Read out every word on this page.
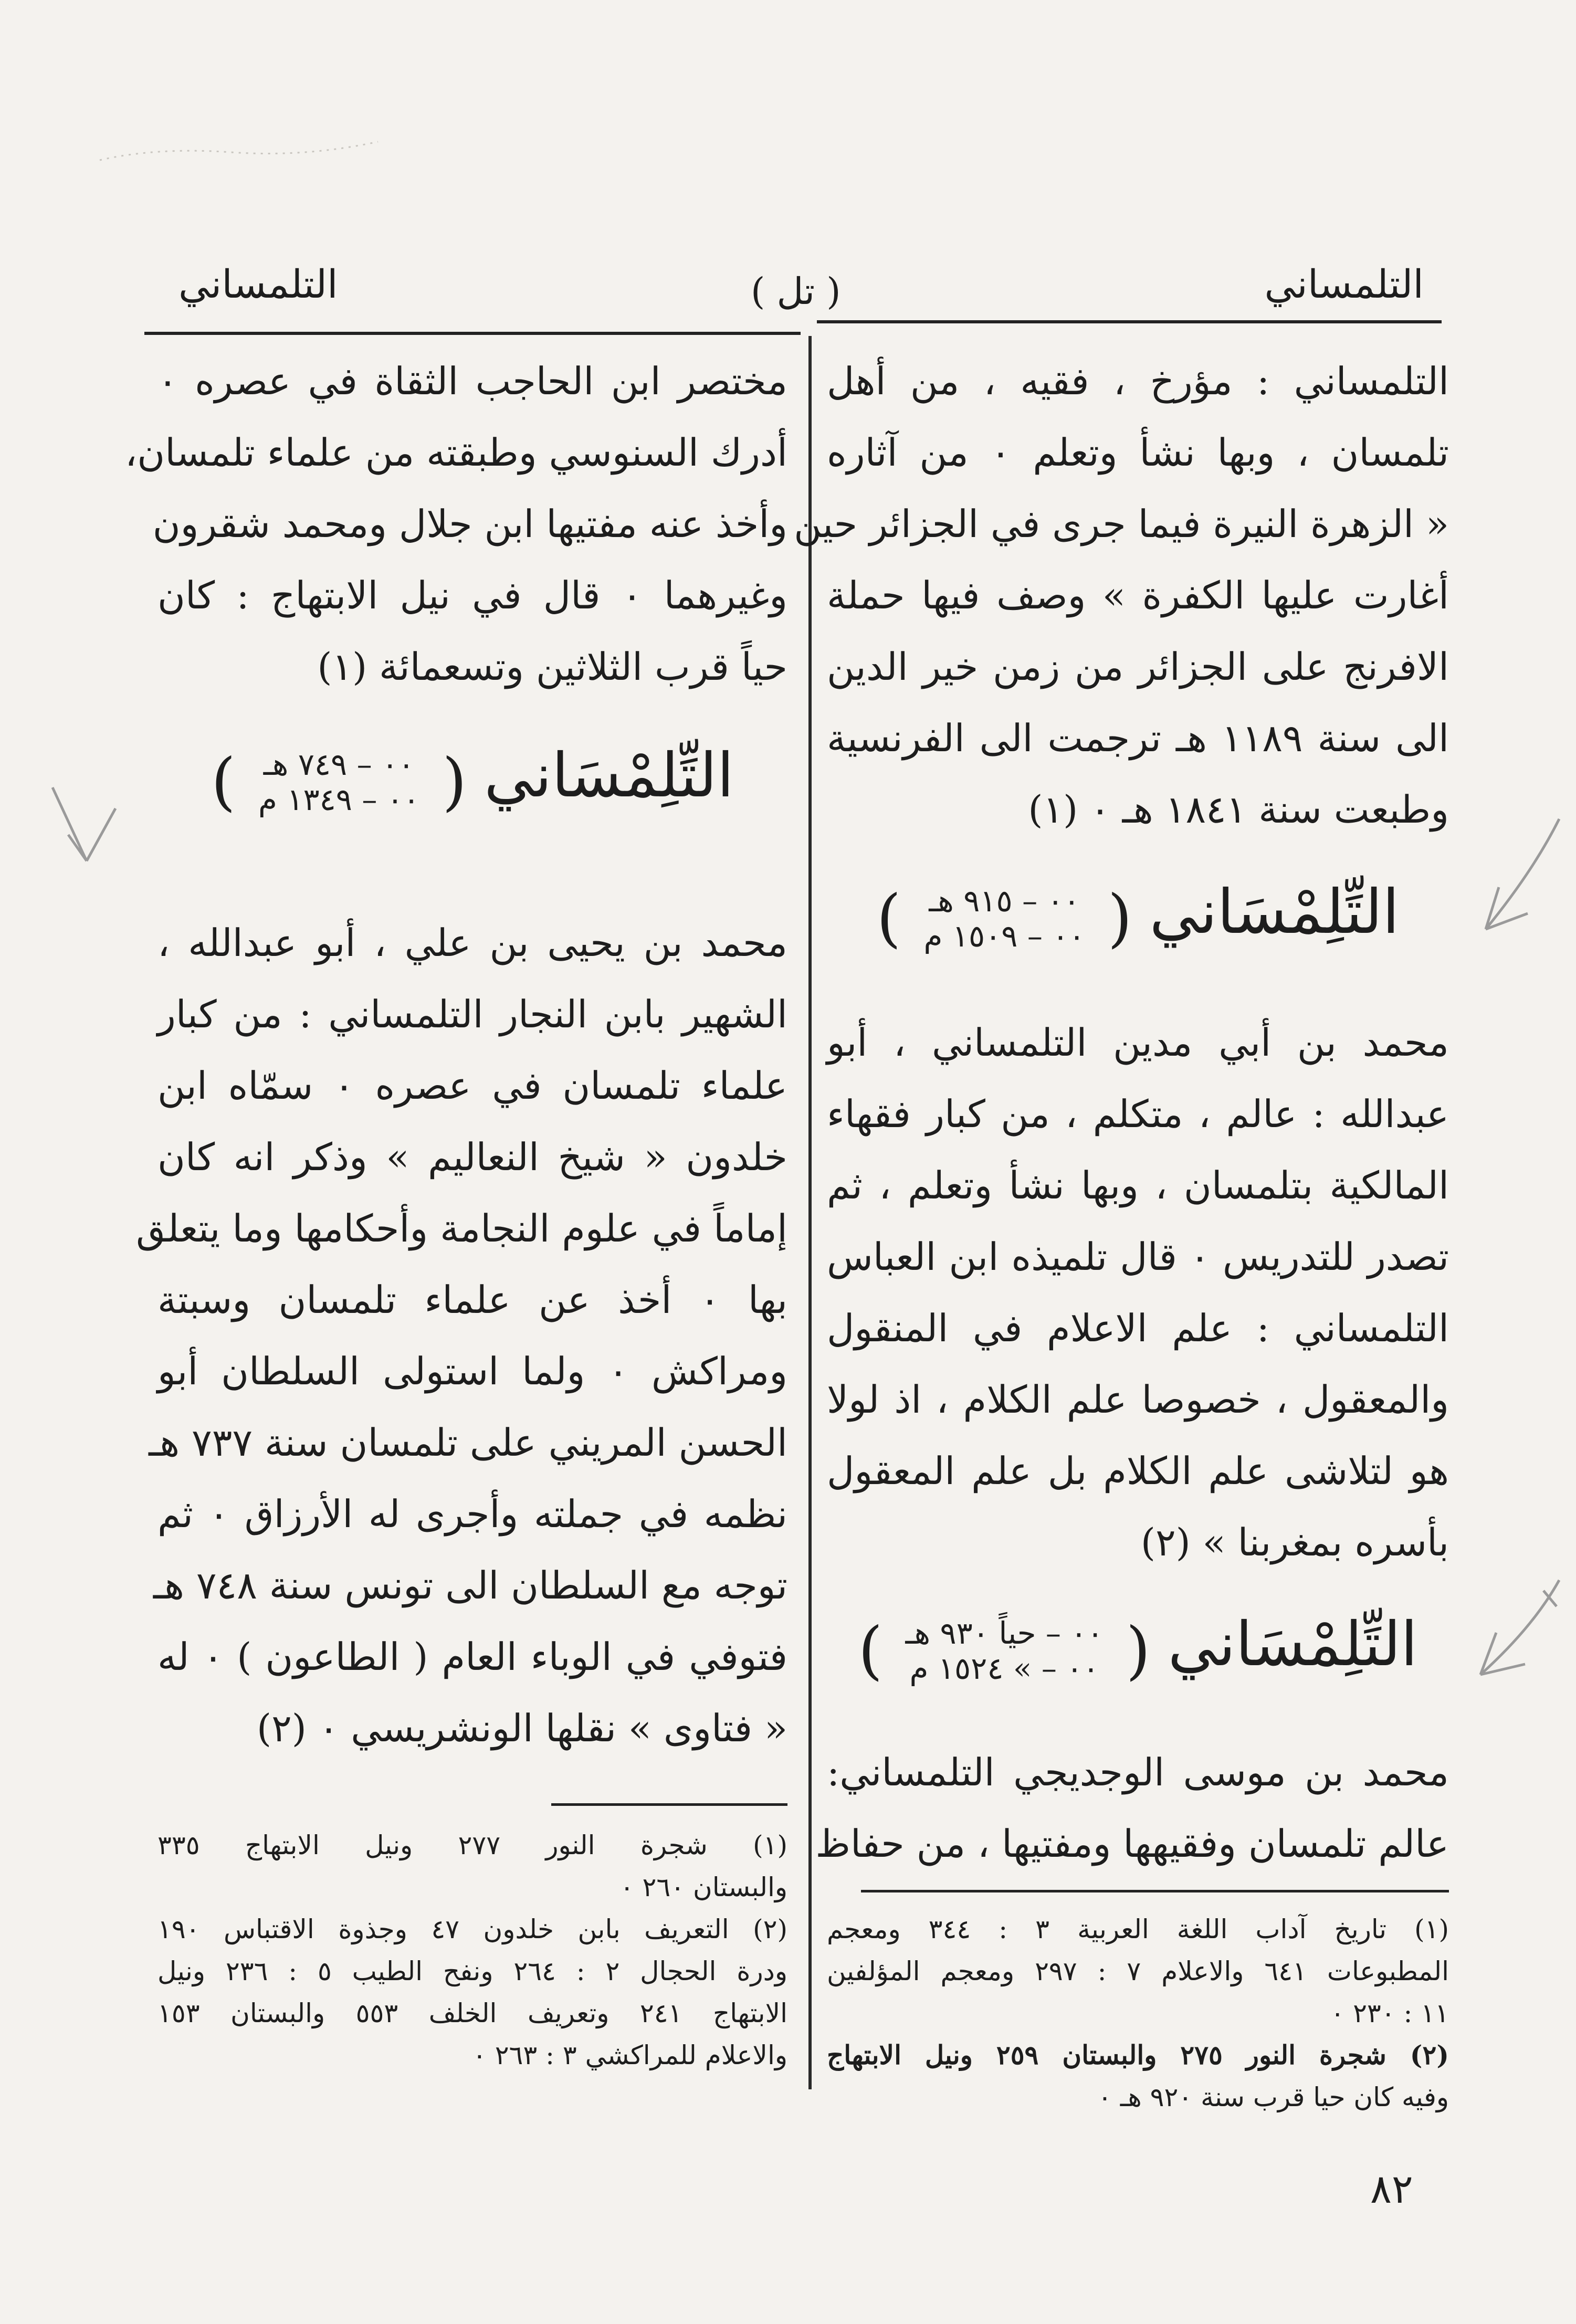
التلمساني
( تل )
التلمساني
التلمساني : مؤرخ ، فقيه ، من أهل
تلمسان ، وبها نشأ وتعلم ٠ من آثاره
« الزهرة النيرة فيما جرى في الجزائر حين
أغارت عليها الكفرة » وصف فيها حملة
الافرنج على الجزائر من زمن خير الدين
الى سنة ١١٨٩ هـ ترجمت الى الفرنسية
وطبعت سنة ١٨٤١ هـ ٠ (١)
التِّلِمْسَاني ( ٠٠ – ٩١٥ هـ
٠٠ – ١٥٠٩ م )
محمد بن أبي مدين التلمساني ، أبو
عبدالله : عالم ، متكلم ، من كبار فقهاء
المالكية بتلمسان ، وبها نشأ وتعلم ، ثم
تصدر للتدريس ٠ قال تلميذه ابن العباس
التلمساني : علم الاعلام في المنقول
والمعقول ، خصوصا علم الكلام ، اذ لولا
هو لتلاشى علم الكلام بل علم المعقول
بأسره بمغربنا » (٢)
التِّلِمْسَاني ( ٠٠ – حياً ٩٣٠ هـ
٠٠ – » ١٥٢٤ م )
محمد بن موسى الوجديجي التلمساني:
عالم تلمسان وفقيهها ومفتيها ، من حفاظ
(١) تاريخ آداب اللغة العربية ٣ : ٣٤٤ ومعجم
المطبوعات ٦٤١ والاعلام ٧ : ٢٩٧ ومعجم المؤلفين
١١ : ٢٣٠ ٠
(٢) شجرة النور ٢٧٥ والبستان ٢٥٩ ونيل الابتهاج
وفيه كان حيا قرب سنة ٩٢٠ هـ ٠
مختصر ابن الحاجب الثقاة في عصره ٠
أدرك السنوسي وطبقته من علماء تلمسان،
وأخذ عنه مفتيها ابن جلال ومحمد شقرون
وغيرهما ٠ قال في نيل الابتهاج : كان
حياً قرب الثلاثين وتسعمائة (١)
التِّلِمْسَاني ( ٠٠ – ٧٤٩ هـ
٠٠ – ١٣٤٩ م )
محمد بن يحيى بن علي ، أبو عبدالله ،
الشهير بابن النجار التلمساني : من كبار
علماء تلمسان في عصره ٠ سمّاه ابن
خلدون « شيخ النعاليم » وذكر انه كان
إماماً في علوم النجامة وأحكامها وما يتعلق
بها ٠ أخذ عن علماء تلمسان وسبتة
ومراكش ٠ ولما استولى السلطان أبو
الحسن المريني على تلمسان سنة ٧٣٧ هـ
نظمه في جملته وأجرى له الأرزاق ٠ ثم
توجه مع السلطان الى تونس سنة ٧٤٨ هـ
فتوفي في الوباء العام ( الطاعون ) ٠ له
« فتاوى » نقلها الونشريسي ٠ (٢)
(١) شجرة النور ٢٧٧ ونيل الابتهاج ٣٣٥
والبستان ٢٦٠ ٠
(٢) التعريف بابن خلدون ٤٧ وجذوة الاقتباس ١٩٠
ودرة الحجال ٢ : ٢٦٤ ونفح الطيب ٥ : ٢٣٦ ونيل
الابتهاج ٢٤١ وتعريف الخلف ٥٥٣ والبستان ١٥٣
والاعلام للمراكشي ٣ : ٢٦٣ ٠
٨٢
